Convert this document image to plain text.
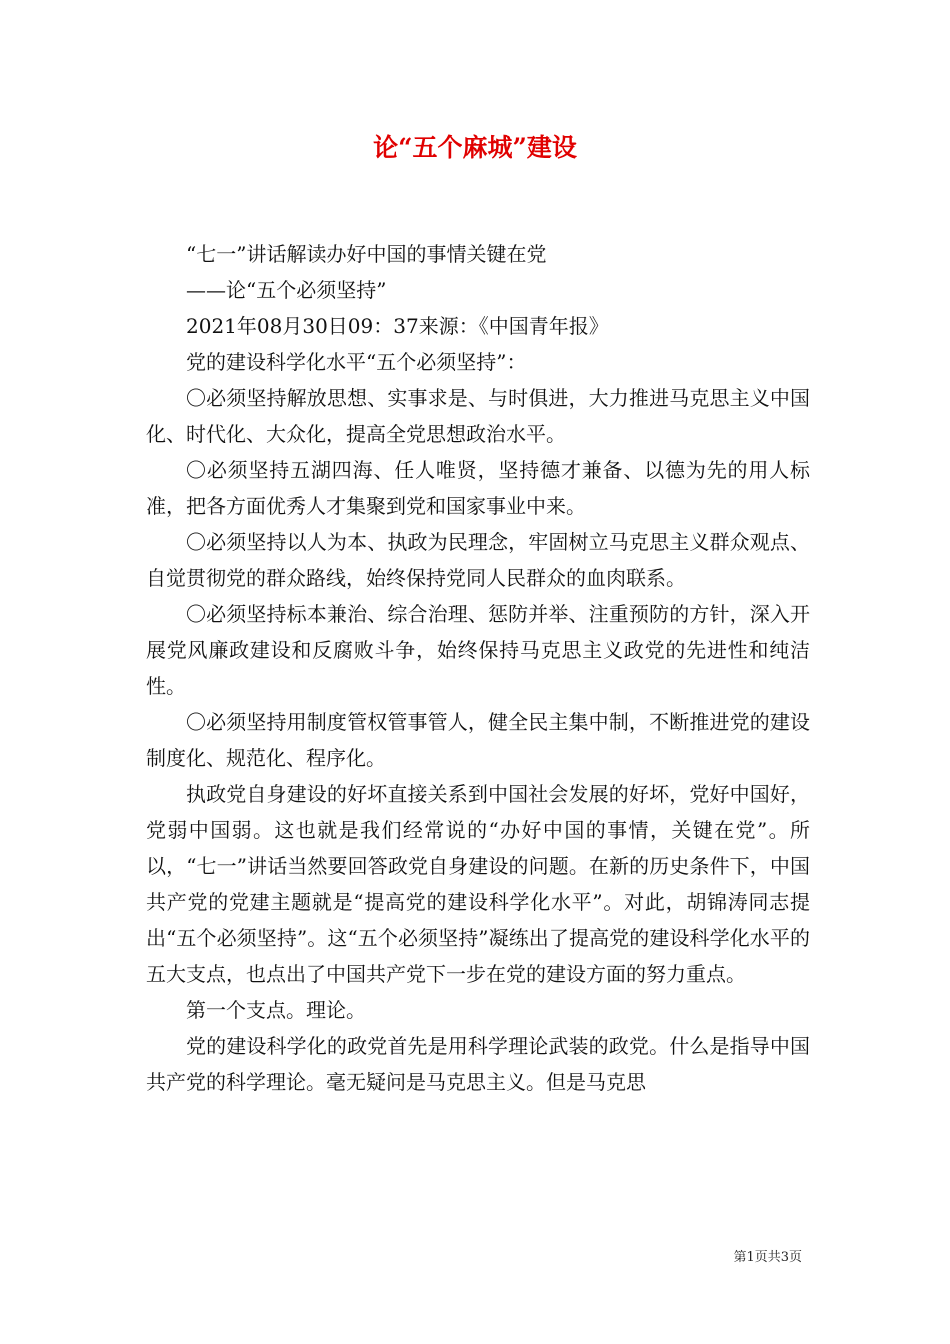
论“五个麻城”建设

“七一”讲话解读办好中国的事情关键在党

——论“五个必须坚持”

2021年08月30日09：37来源：《中国青年报》

党的建设科学化水平“五个必须坚持”：

〇必须坚持解放思想、实事求是、与时俱进，大力推进马克思主义中国化、时代化、大众化，提高全党思想政治水平。

〇必须坚持五湖四海、任人唯贤，坚持德才兼备、以德为先的用人标准，把各方面优秀人才集聚到党和国家事业中来。

〇必须坚持以人为本、执政为民理念，牢固树立马克思主义群众观点、自觉贯彻党的群众路线，始终保持党同人民群众的血肉联系。

〇必须坚持标本兼治、综合治理、惩防并举、注重预防的方针，深入开展党风廉政建设和反腐败斗争，始终保持马克思主义政党的先进性和纯洁性。

〇必须坚持用制度管权管事管人，健全民主集中制，不断推进党的建设制度化、规范化、程序化。

执政党自身建设的好坏直接关系到中国社会发展的好坏，党好中国好，党弱中国弱。这也就是我们经常说的“办好中国的事情，关键在党”。所以，“七一”讲话当然要回答政党自身建设的问题。在新的历史条件下，中国共产党的党建主题就是“提高党的建设科学化水平”。对此，胡锦涛同志提出“五个必须坚持”。这“五个必须坚持”凝练出了提高党的建设科学化水平的五大支点，也点出了中国共产党下一步在党的建设方面的努力重点。

第一个支点。理论。

党的建设科学化的政党首先是用科学理论武装的政党。什么是指导中国共产党的科学理论。毫无疑问是马克思主义。但是马克思

第1页共3页
